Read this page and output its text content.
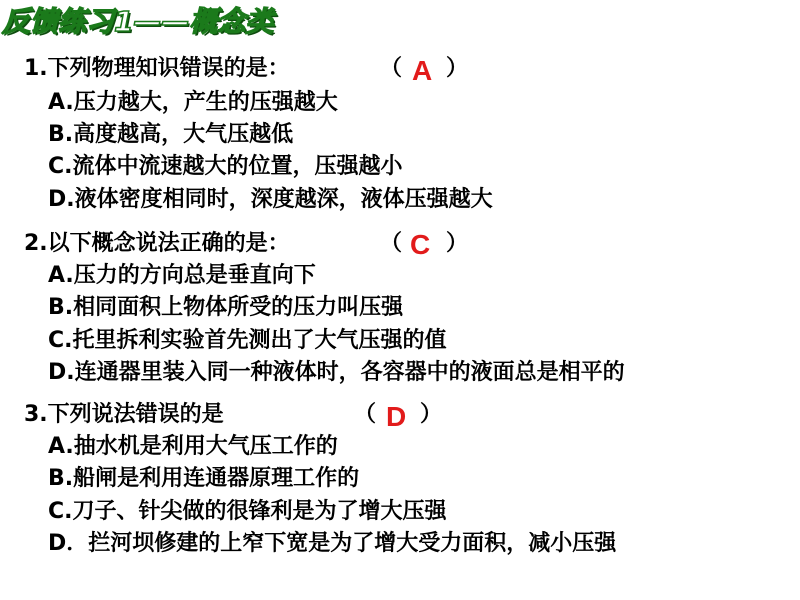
反馈练习1——概念类
1.下列物理知识错误的是：	（ A ）
A.压力越大，产生的压强越大
B.高度越高，大气压越低
C.流体中流速越大的位置，压强越小
D.液体密度相同时，深度越深，液体压强越大
2.以下概念说法正确的是：	（ C ）
A.压力的方向总是垂直向下
B.相同面积上物体所受的压力叫压强
C.托里拆利实验首先测出了大气压强的值
D.连通器里装入同一种液体时，各容器中的液面总是相平的
3.下列说法错误的是	（ D ）
A.抽水机是利用大气压工作的
B.船闸是利用连通器原理工作的
C.刀子、针尖做的很锋利是为了增大压强
D．拦河坝修建的上窄下宽是为了增大受力面积，减小压强
